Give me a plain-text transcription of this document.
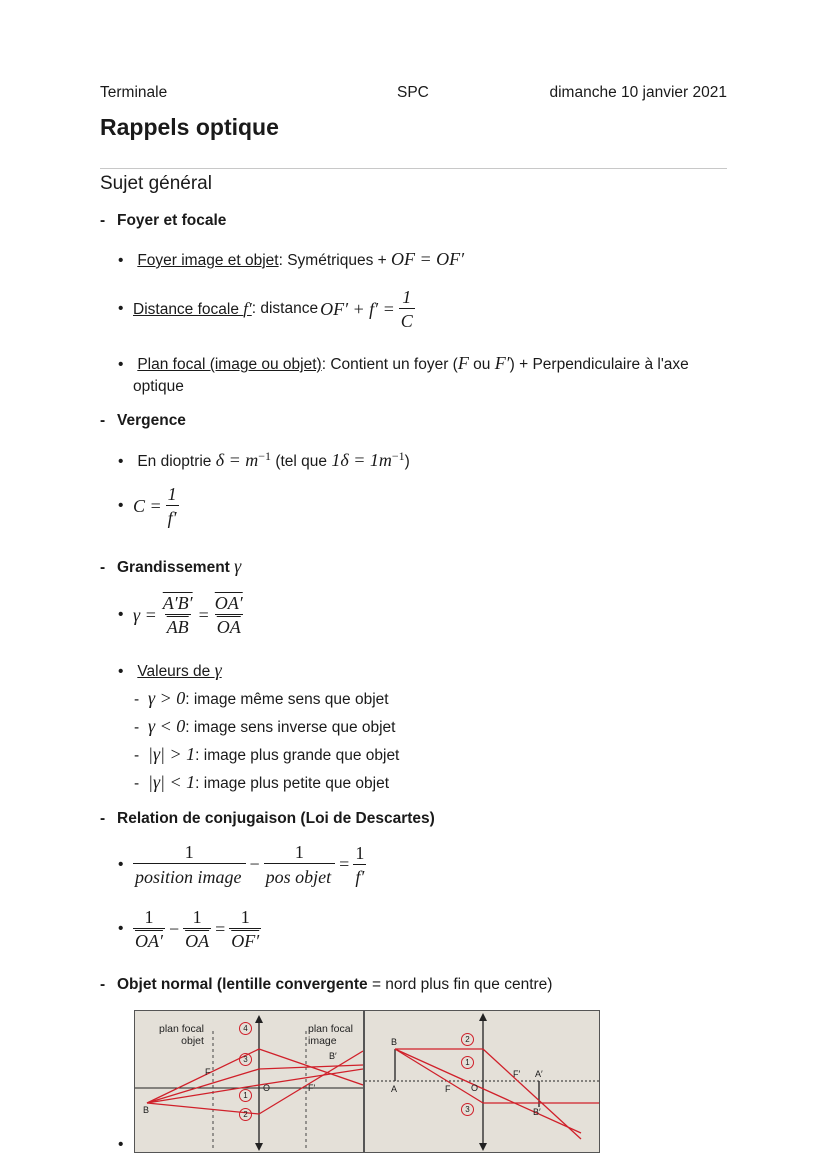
Terminale	SPC	dimanche 10 janvier 2021
Rappels optique
Sujet général
- Foyer et focale
• Foyer image et objet: Symétriques + OF = OF′
• Distance focale f′ : distance $OF' + f' = \frac{1}{C}$
• Plan focal (image ou objet): Contient un foyer (F ou F′) + Perpendiculaire à l'axe
optique
- Vergence
• En dioptrie $\delta = m^{-1}$ (tel que $1\delta = 1m^{-1}$)
• $C = \frac{1}{f'}$
- Grandissement γ
• $\gamma = \frac{A'B'}{AB} = \frac{OA'}{OA}$
• Valeurs de γ
- γ > 0: image même sens que objet
- γ < 0: image sens inverse que objet
- |γ| > 1: image plus grande que objet
- |γ| < 1: image plus petite que objet
- Relation de conjugaison (Loi de Descartes)
• $\frac{1}{\text{position image}} - \frac{1}{\text{pos objet}} = \frac{1}{f'}$
• $\frac{1}{OA'} - \frac{1}{OA} = \frac{1}{OF'}$
- Objet normal (lentille convergente = nord plus fin que centre)
•
plan focal
objet
plan focal
image
F
O	F′
B
B′
4
3
1
2
B
A	F O
F′ A′
B′
2
1
3
